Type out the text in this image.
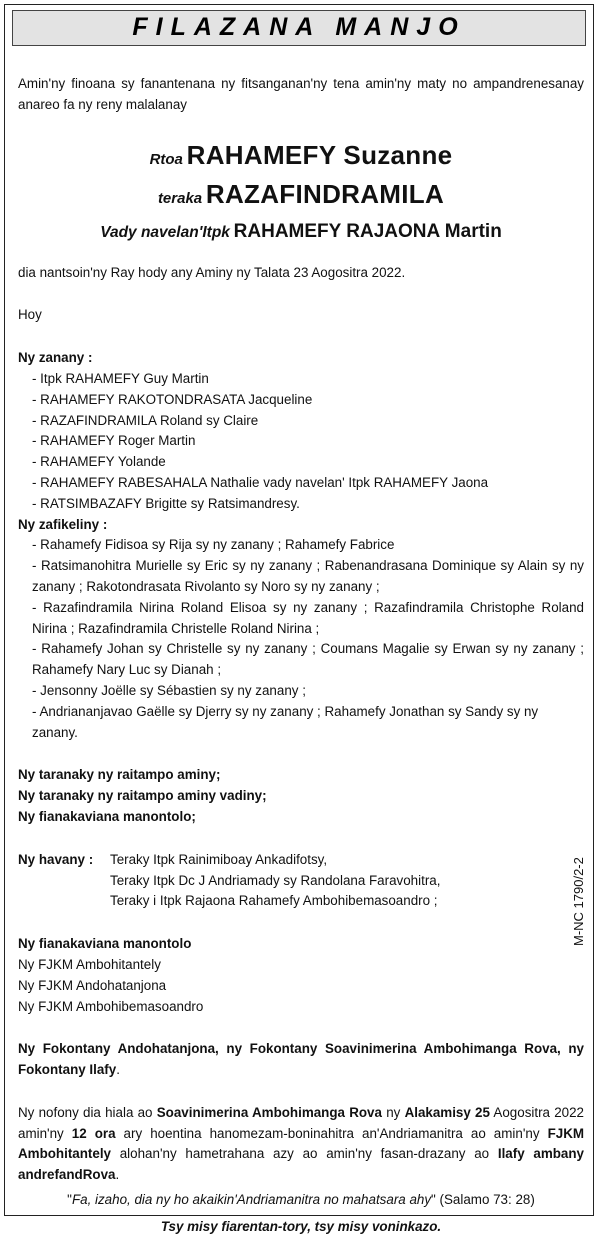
FILAZANA MANJO

Amin'ny finoana sy fanantenana ny fitsanganan'ny tena amin'ny maty no ampandrenesanay anareo fa ny reny malalanay

Rtoa RAHAMEFY Suzanne
teraka RAZAFINDRAMILA
Vady navelan'Itpk RAHAMEFY RAJAONA Martin

dia nantsoin'ny Ray hody any Aminy ny Talata 23 Aogositra 2022.

Hoy

Ny zanany :

- Itpk RAHAMEFY Guy Martin

- RAHAMEFY RAKOTONDRASATA Jacqueline

- RAZAFINDRAMILA Roland sy Claire

- RAHAMEFY Roger Martin

- RAHAMEFY Yolande

- RAHAMEFY RABESAHALA Nathalie vady navelan' Itpk RAHAMEFY Jaona

- RATSIMBAZAFY Brigitte sy Ratsimandresy.

Ny zafikeliny :

- Rahamefy Fidisoa sy Rija sy ny zanany ; Rahamefy Fabrice

- Ratsimanohitra Murielle sy Eric sy ny zanany ; Rabenandrasana Dominique sy Alain sy ny zanany ; Rakotondrasata Rivolanto sy Noro sy ny zanany ;

- Razafindramila Nirina Roland Elisoa sy ny zanany ; Razafindramila Christophe Roland Nirina ; Razafindramila Christelle Roland Nirina ;

- Rahamefy Johan sy Christelle sy ny zanany ; Coumans Magalie sy Erwan sy ny zanany ; Rahamefy Nary Luc sy Dianah ;

- Jensonny Joëlle sy Sébastien sy ny zanany ;

- Andriananjavao Gaëlle sy Djerry sy ny zanany ; Rahamefy Jonathan sy Sandy sy ny zanany.

Ny taranaky ny raitampo aminy;

Ny taranaky ny raitampo aminy vadiny;

Ny fianakaviana manontolo;

Ny havany :	Teraky Itpk Rainimiboay Ankadifotsy,

Teraky Itpk Dc J Andriamady sy Randolana Faravohitra,

Teraky i Itpk Rajaona Rahamefy Ambohibemasoandro ;

Ny fianakaviana manontolo

Ny FJKM Ambohitantely

Ny FJKM Andohatanjona

Ny FJKM Ambohibemasoandro

Ny Fokontany Andohatanjona, ny Fokontany Soavinimerina Ambohimanga Rova, ny Fokontany Ilafy.

Ny nofony dia hiala ao Soavinimerina Ambohimanga Rova ny Alakamisy 25 Aogositra 2022 amin'ny 12 ora ary hoentina hanomezam-boninahitra an'Andriamanitra ao amin'ny FJKM Ambohitantely alohan'ny hametrahana azy ao amin'ny fasan-drazany ao Ilafy ambany andrefandRova.

"Fa, izaho, dia ny ho akaikin'Andriamanitra no mahatsara ahy" (Salamo 73: 28)

Tsy misy fiarentan-tory, tsy misy voninkazo.

M-NC 1790/2-2
